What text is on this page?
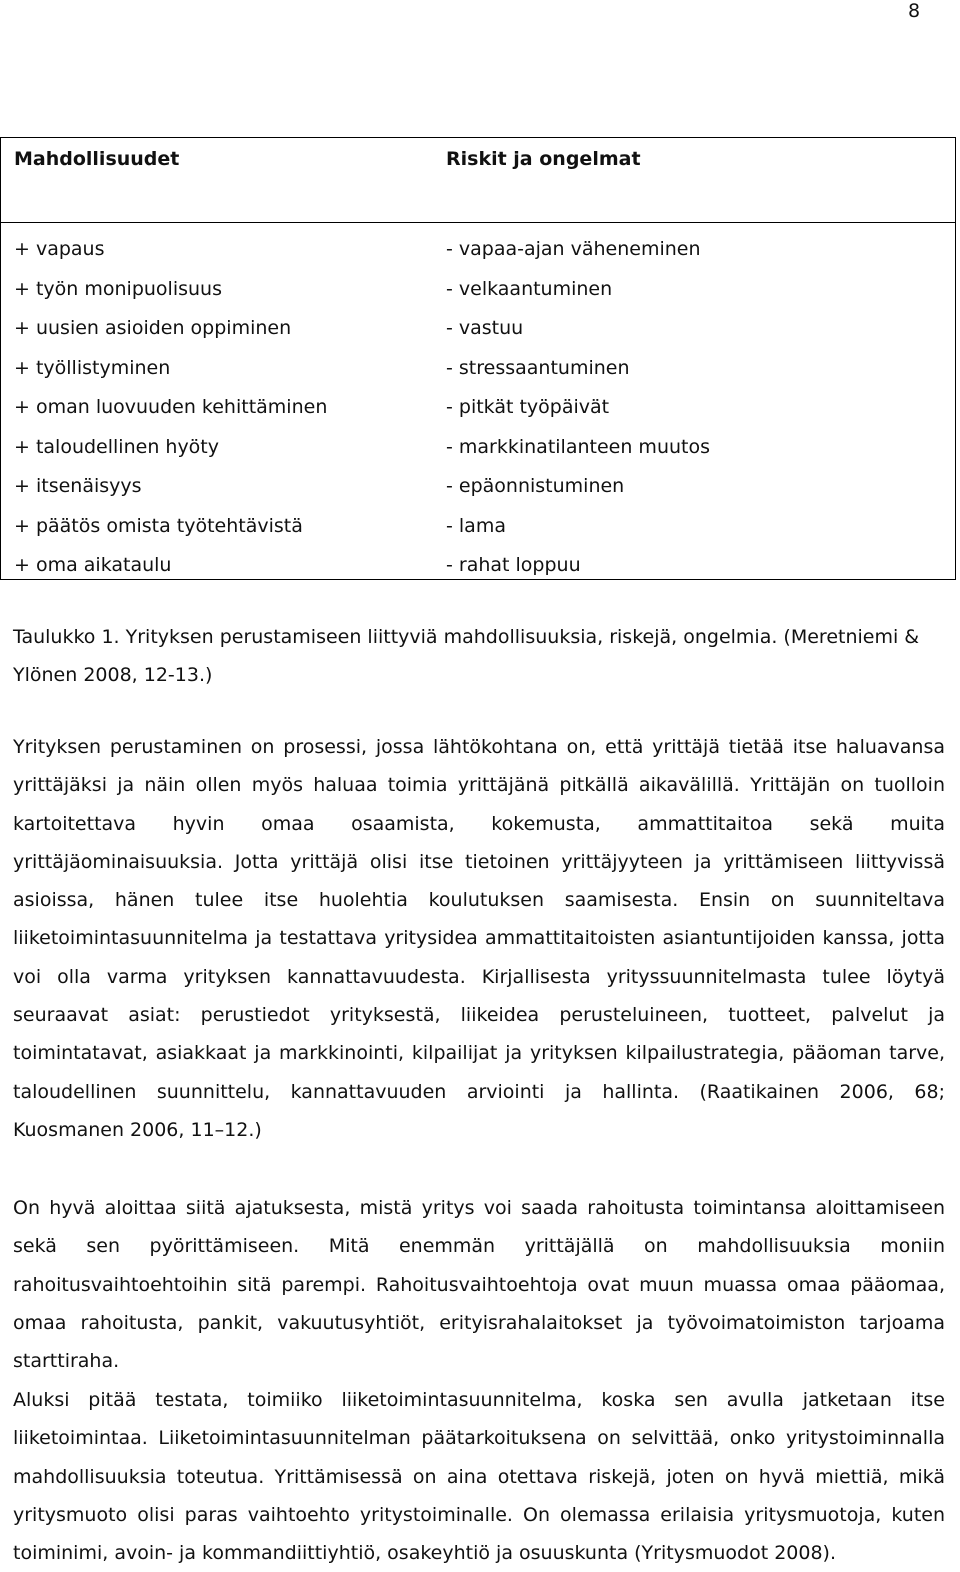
8
Mahdollisuudet	Riskit ja ongelmat
+ vapaus	- vapaa-ajan väheneminen
+ työn monipuolisuus	- velkaantuminen
+ uusien asioiden oppiminen	- vastuu
+ työllistyminen	- stressaantuminen
+ oman luovuuden kehittäminen	- pitkät työpäivät
+ taloudellinen hyöty	- markkinatilanteen muutos
+ itsenäisyys	- epäonnistuminen
+ päätös omista työtehtävistä	- lama
+ oma aikataulu	- rahat loppuu
Taulukko 1. Yrityksen perustamiseen liittyviä mahdollisuuksia, riskejä, ongelmia. (Meretniemi & Ylönen 2008, 12-13.)

Yrityksen perustaminen on prosessi, jossa lähtökohtana on, että yrittäjä tietää itse haluavansa yrittäjäksi ja näin ollen myös haluaa toimia yrittäjänä pitkällä aikavälillä. Yrittäjän on tuolloin kartoitettava hyvin omaa osaamista, kokemusta, ammattitaitoa sekä muita yrittäjäominaisuuksia. Jotta yrittäjä olisi itse tietoinen yrittäjyyteen ja yrittämiseen liittyvissä asioissa, hänen tulee itse huolehtia koulutuksen saamisesta. Ensin on suunniteltava liiketoimintasuunnitelma ja testattava yritysidea ammattitaitoisten asiantuntijoiden kanssa, jotta voi olla varma yrityksen kannattavuudesta. Kirjallisesta yrityssuunnitelmasta tulee löytyä seuraavat asiat: perustiedot yrityksestä, liikeidea perusteluineen, tuotteet, palvelut ja toimintatavat, asiakkaat ja markkinointi, kilpailijat ja yrityksen kilpailustrategia, pääoman tarve, taloudellinen suunnittelu, kannattavuuden arviointi ja hallinta. (Raatikainen 2006, 68; Kuosmanen 2006, 11–12.)

On hyvä aloittaa siitä ajatuksesta, mistä yritys voi saada rahoitusta toimintansa aloittamiseen sekä sen pyörittämiseen. Mitä enemmän yrittäjällä on mahdollisuuksia moniin rahoitusvaihtoehtoihin sitä parempi. Rahoitusvaihtoehtoja ovat muun muassa omaa pääomaa, omaa rahoitusta, pankit, vakuutusyhtiöt, erityisrahalaitokset ja työvoimatoimiston tarjoama starttiraha.

Aluksi pitää testata, toimiiko liiketoimintasuunnitelma, koska sen avulla jatketaan itse liiketoimintaa. Liiketoimintasuunnitelman päätarkoituksena on selvittää, onko yritystoiminnalla mahdollisuuksia toteutua. Yrittämisessä on aina otettava riskejä, joten on hyvä miettiä, mikä yritysmuoto olisi paras vaihtoehto yritystoiminalle. On olemassa erilaisia yritysmuotoja, kuten toiminimi, avoin- ja kommandiittiyhtiö, osakeyhtiö ja osuuskunta (Yritysmuodot 2008).
